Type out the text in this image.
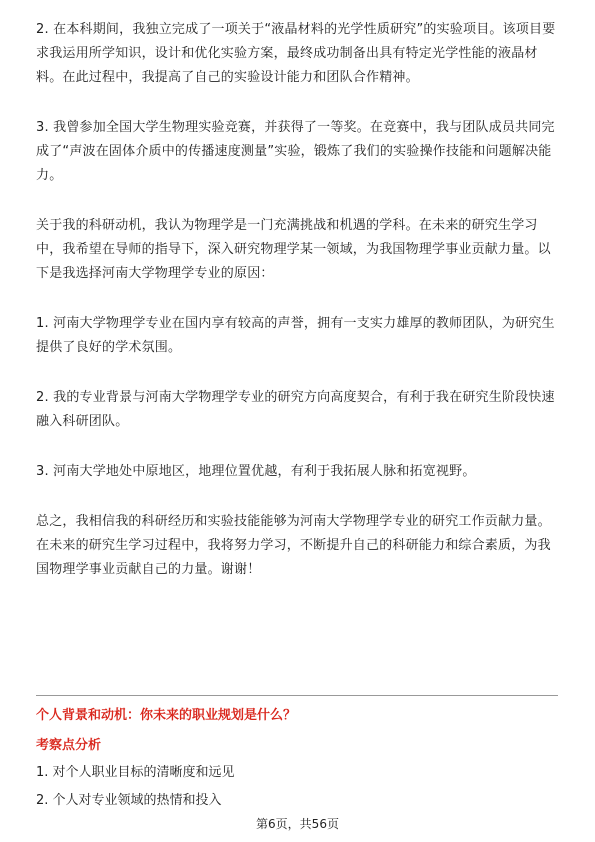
2. 在本科期间，我独立完成了一项关于“液晶材料的光学性质研究”的实验项目。该项目要求我运用所学知识，设计和优化实验方案，最终成功制备出具有特定光学性能的液晶材料。在此过程中，我提高了自己的实验设计能力和团队合作精神。

3. 我曾参加全国大学生物理实验竞赛，并获得了一等奖。在竞赛中，我与团队成员共同完成了“声波在固体介质中的传播速度测量”实验，锻炼了我们的实验操作技能和问题解决能力。

关于我的科研动机，我认为物理学是一门充满挑战和机遇的学科。在未来的研究生学习中，我希望在导师的指导下，深入研究物理学某一领域，为我国物理学事业贡献力量。以下是我选择河南大学物理学专业的原因：

1. 河南大学物理学专业在国内享有较高的声誉，拥有一支实力雄厚的教师团队，为研究生提供了良好的学术氛围。

2. 我的专业背景与河南大学物理学专业的研究方向高度契合，有利于我在研究生阶段快速融入科研团队。

3. 河南大学地处中原地区，地理位置优越，有利于我拓展人脉和拓宽视野。

总之，我相信我的科研经历和实验技能能够为河南大学物理学专业的研究工作贡献力量。在未来的研究生学习过程中，我将努力学习，不断提升自己的科研能力和综合素质，为我国物理学事业贡献自己的力量。谢谢！

个人背景和动机：你未来的职业规划是什么？
考察点分析
1. 对个人职业目标的清晰度和远见
2. 个人对专业领域的热情和投入
第6页，共56页
